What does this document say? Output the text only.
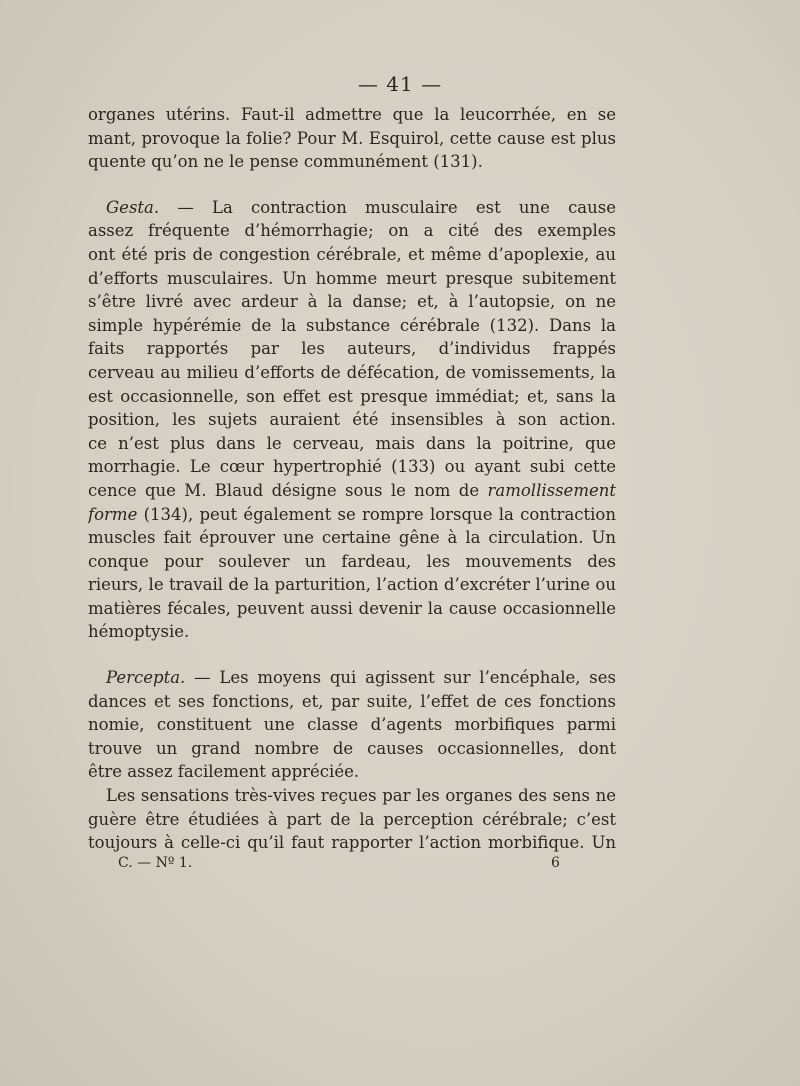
— 41 —
organes utérins. Faut-il admettre que la leucorrhée, en se
mant, provoque la folie? Pour M. Esquirol, cette cause est plus
quente qu’on ne le pense communément (131).
Gesta. — La contraction musculaire est une cause
assez fréquente d’hémorrhagie; on a cité des exemples
ont été pris de congestion cérébrale, et même d’apoplexie, au
d’efforts musculaires. Un homme meurt presque subitement
s’être livré avec ardeur à la danse; et, à l’autopsie, on ne
simple hypérémie de la substance cérébrale (132). Dans la
faits rapportés par les auteurs, d’individus frappés
cerveau au milieu d’efforts de défécation, de vomissements, la
est occasionnelle, son effet est presque immédiat; et, sans la
position, les sujets auraient été insensibles à son action.
ce n’est plus dans le cerveau, mais dans la poitrine, que
morrhagie. Le cœur hypertrophié (133) ou ayant subi cette
cence que M. Blaud désigne sous le nom de ramollissement
forme (134), peut également se rompre lorsque la contraction
muscles fait éprouver une certaine gêne à la circulation. Un
conque pour soulever un fardeau, les mouvements des
rieurs, le travail de la parturition, l’action d’excréter l’urine ou
matières fécales, peuvent aussi devenir la cause occasionnelle
hémoptysie.
Percepta. — Les moyens qui agissent sur l’encéphale, ses
dances et ses fonctions, et, par suite, l’effet de ces fonctions
nomie, constituent une classe d’agents morbifiques parmi
trouve un grand nombre de causes occasionnelles, dont
être assez facilement appréciée.
Les sensations très-vives reçues par les organes des sens ne
guère être étudiées à part de la perception cérébrale; c’est
toujours à celle-ci qu’il faut rapporter l’action morbifique. Un
C. — Nº 1.	6
